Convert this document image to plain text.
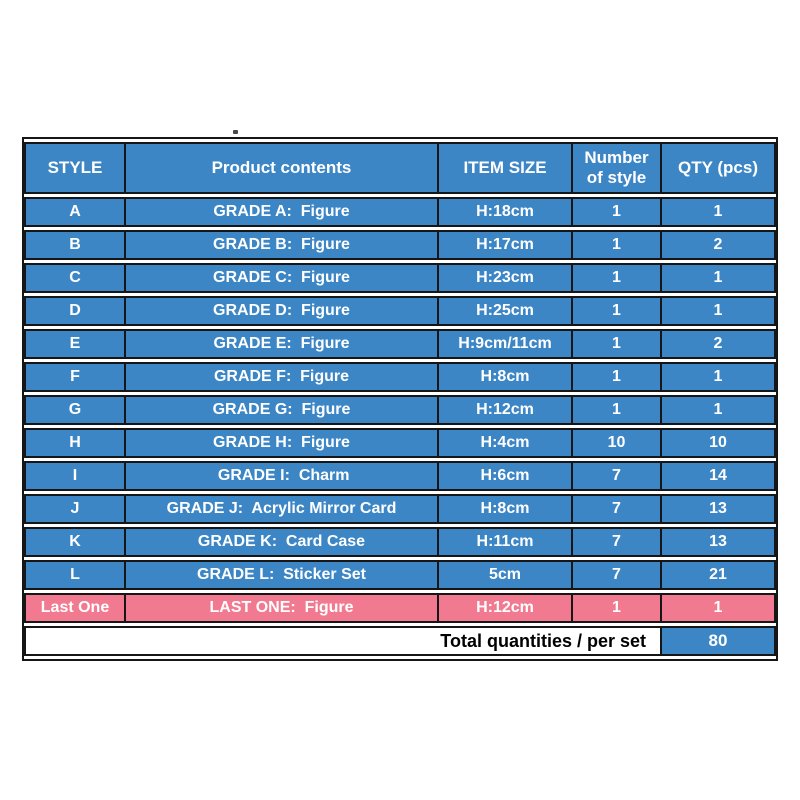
STYLE	Product contents	ITEM SIZE	Number of style	QTY (pcs)
A	GRADE A:  Figure	H:18cm	1	1
B	GRADE B:  Figure	H:17cm	1	2
C	GRADE C:  Figure	H:23cm	1	1
D	GRADE D:  Figure	H:25cm	1	1
E	GRADE E:  Figure	H:9cm/11cm	1	2
F	GRADE F:  Figure	H:8cm	1	1
G	GRADE G:  Figure	H:12cm	1	1
H	GRADE H:  Figure	H:4cm	10	10
I	GRADE I:  Charm	H:6cm	7	14
J	GRADE J:  Acrylic Mirror Card	H:8cm	7	13
K	GRADE K:  Card Case	H:11cm	7	13
L	GRADE L:  Sticker Set	5cm	7	21
Last One	LAST ONE:  Figure	H:12cm	1	1
Total quantities / per set				80
